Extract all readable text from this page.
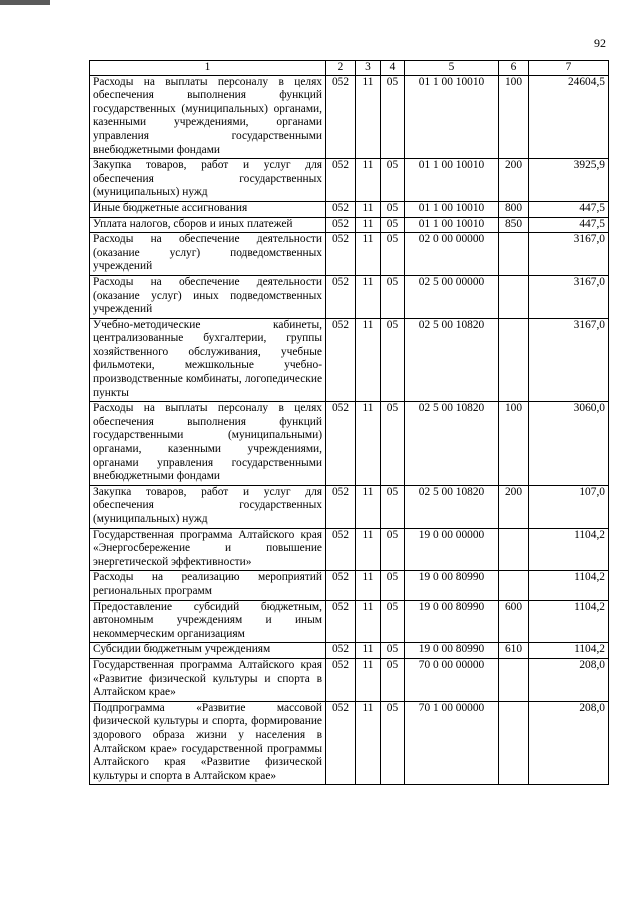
92
1	2	3	4	5	6	7
Расходы на выплаты персоналу в целях обеспечения выполнения функций государственных (муниципальных) органами, казенными учреждениями, органами управления государственными внебюджетными фондами	052	11	05	01 1 00 10010	100	24604,5
Закупка товаров, работ и услуг для обеспечения государственных (муниципальных) нужд	052	11	05	01 1 00 10010	200	3925,9
Иные бюджетные ассигнования	052	11	05	01 1 00 10010	800	447,5
Уплата налогов, сборов и иных платежей	052	11	05	01 1 00 10010	850	447,5
Расходы на обеспечение деятельности (оказание услуг) подведомственных учреждений	052	11	05	02 0 00 00000		3167,0
Расходы на обеспечение деятельности (оказание услуг) иных подведомственных учреждений	052	11	05	02 5 00 00000		3167,0
Учебно-методические кабинеты, централизованные бухгалтерии, группы хозяйственного обслуживания, учебные фильмотеки, межшкольные учебно-производственные комбинаты, логопедические пункты	052	11	05	02 5 00 10820		3167,0
Расходы на выплаты персоналу в целях обеспечения выполнения функций государственными (муниципальными) органами, казенными учреждениями, органами управления государственными внебюджетными фондами	052	11	05	02 5 00 10820	100	3060,0
Закупка товаров, работ и услуг для обеспечения государственных (муниципальных) нужд	052	11	05	02 5 00 10820	200	107,0
Государственная программа Алтайского края «Энергосбережение и повышение энергетической эффективности»	052	11	05	19 0 00 00000		1104,2
Расходы на реализацию мероприятий региональных программ	052	11	05	19 0 00 80990		1104,2
Предоставление субсидий бюджетным, автономным учреждениям и иным некоммерческим организациям	052	11	05	19 0 00 80990	600	1104,2
Субсидии бюджетным учреждениям	052	11	05	19 0 00 80990	610	1104,2
Государственная программа Алтайского края «Развитие физической культуры и спорта в Алтайском крае»	052	11	05	70 0 00 00000		208,0
Подпрограмма «Развитие массовой физической культуры и спорта, формирование здорового образа жизни у населения в Алтайском крае» государственной программы Алтайского края «Развитие физической культуры и спорта в Алтайском крае»	052	11	05	70 1 00 00000		208,0
